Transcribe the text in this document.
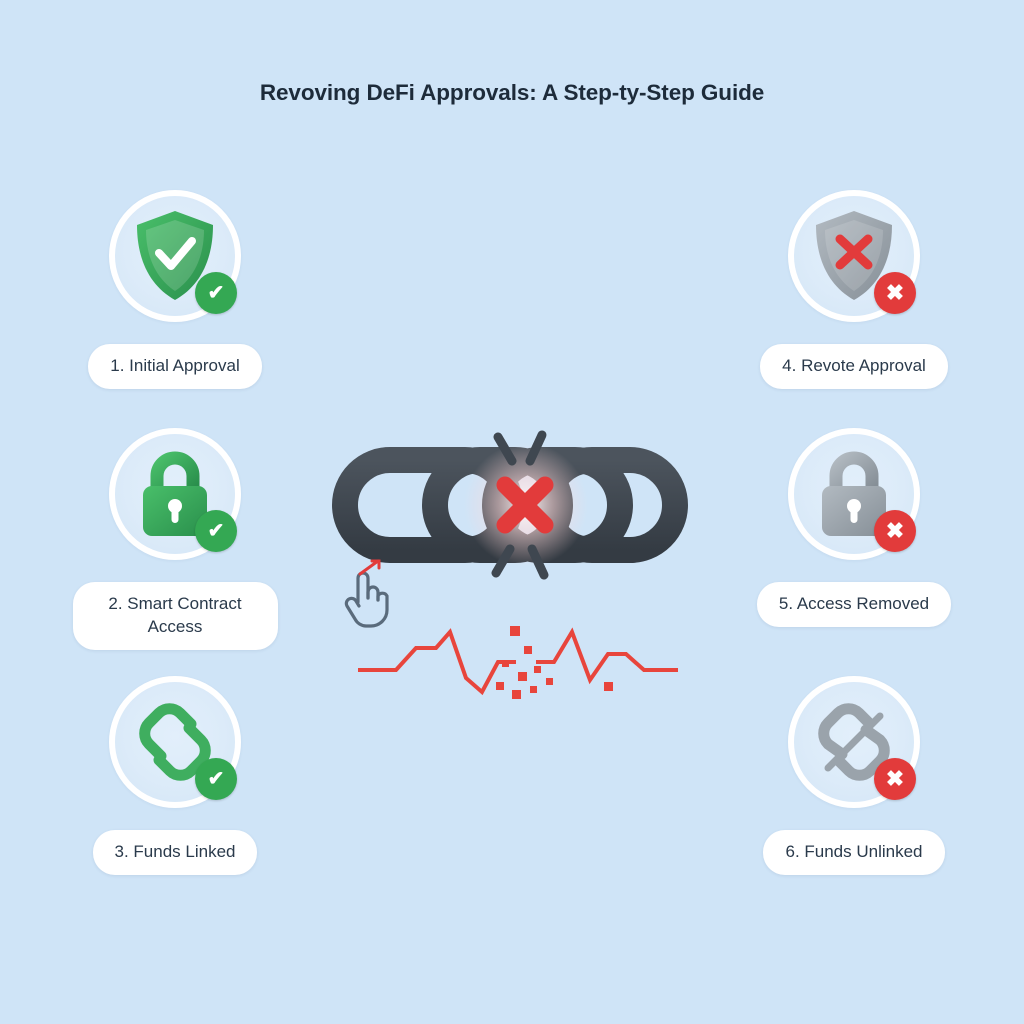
Revoving DeFi Approvals: A Step-ty-Step Guide
✔
1. Initial Approval
✔
2. Smart Contract Access
✔
3. Funds Linked
✖
4. Revote Approval
✖
5. Access Removed
✖
6. Funds Unlinked
